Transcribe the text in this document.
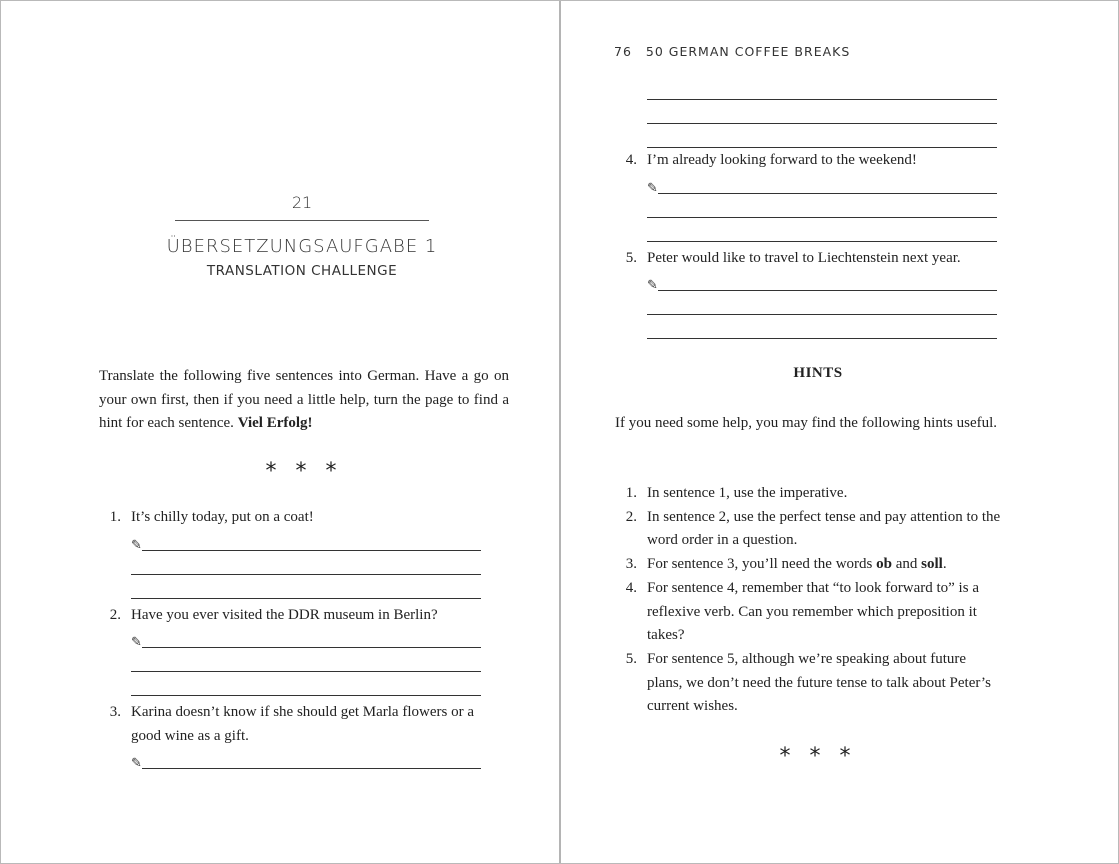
21
ÜBERSETZUNGSAUFGABE 1
TRANSLATION CHALLENGE

Translate the following five sentences into German. Have a go on your own first, then if you need a little help, turn the page to find a hint for each sentence. Viel Erfolg!

* * *
1. It’s chilly today, put on a coat!
✎
2. Have you ever visited the DDR museum in Berlin?
✎
3. Karina doesn’t know if she should get Marla flowers or a good wine as a gift.
✎
76 50 GERMAN COFFEE BREAKS
4. I’m already looking forward to the weekend!
✎
5. Peter would like to travel to Liechtenstein next year.
✎
HINTS

If you need some help, you may find the following hints useful.

1. In sentence 1, use the imperative.
2. In sentence 2, use the perfect tense and pay attention to the word order in a question.
3. For sentence 3, you’ll need the words ob and soll.
4. For sentence 4, remember that “to look forward to” is a reflexive verb. Can you remember which preposition it takes?
5. For sentence 5, although we’re speaking about future plans, we don’t need the future tense to talk about Peter’s current wishes.
* * *
